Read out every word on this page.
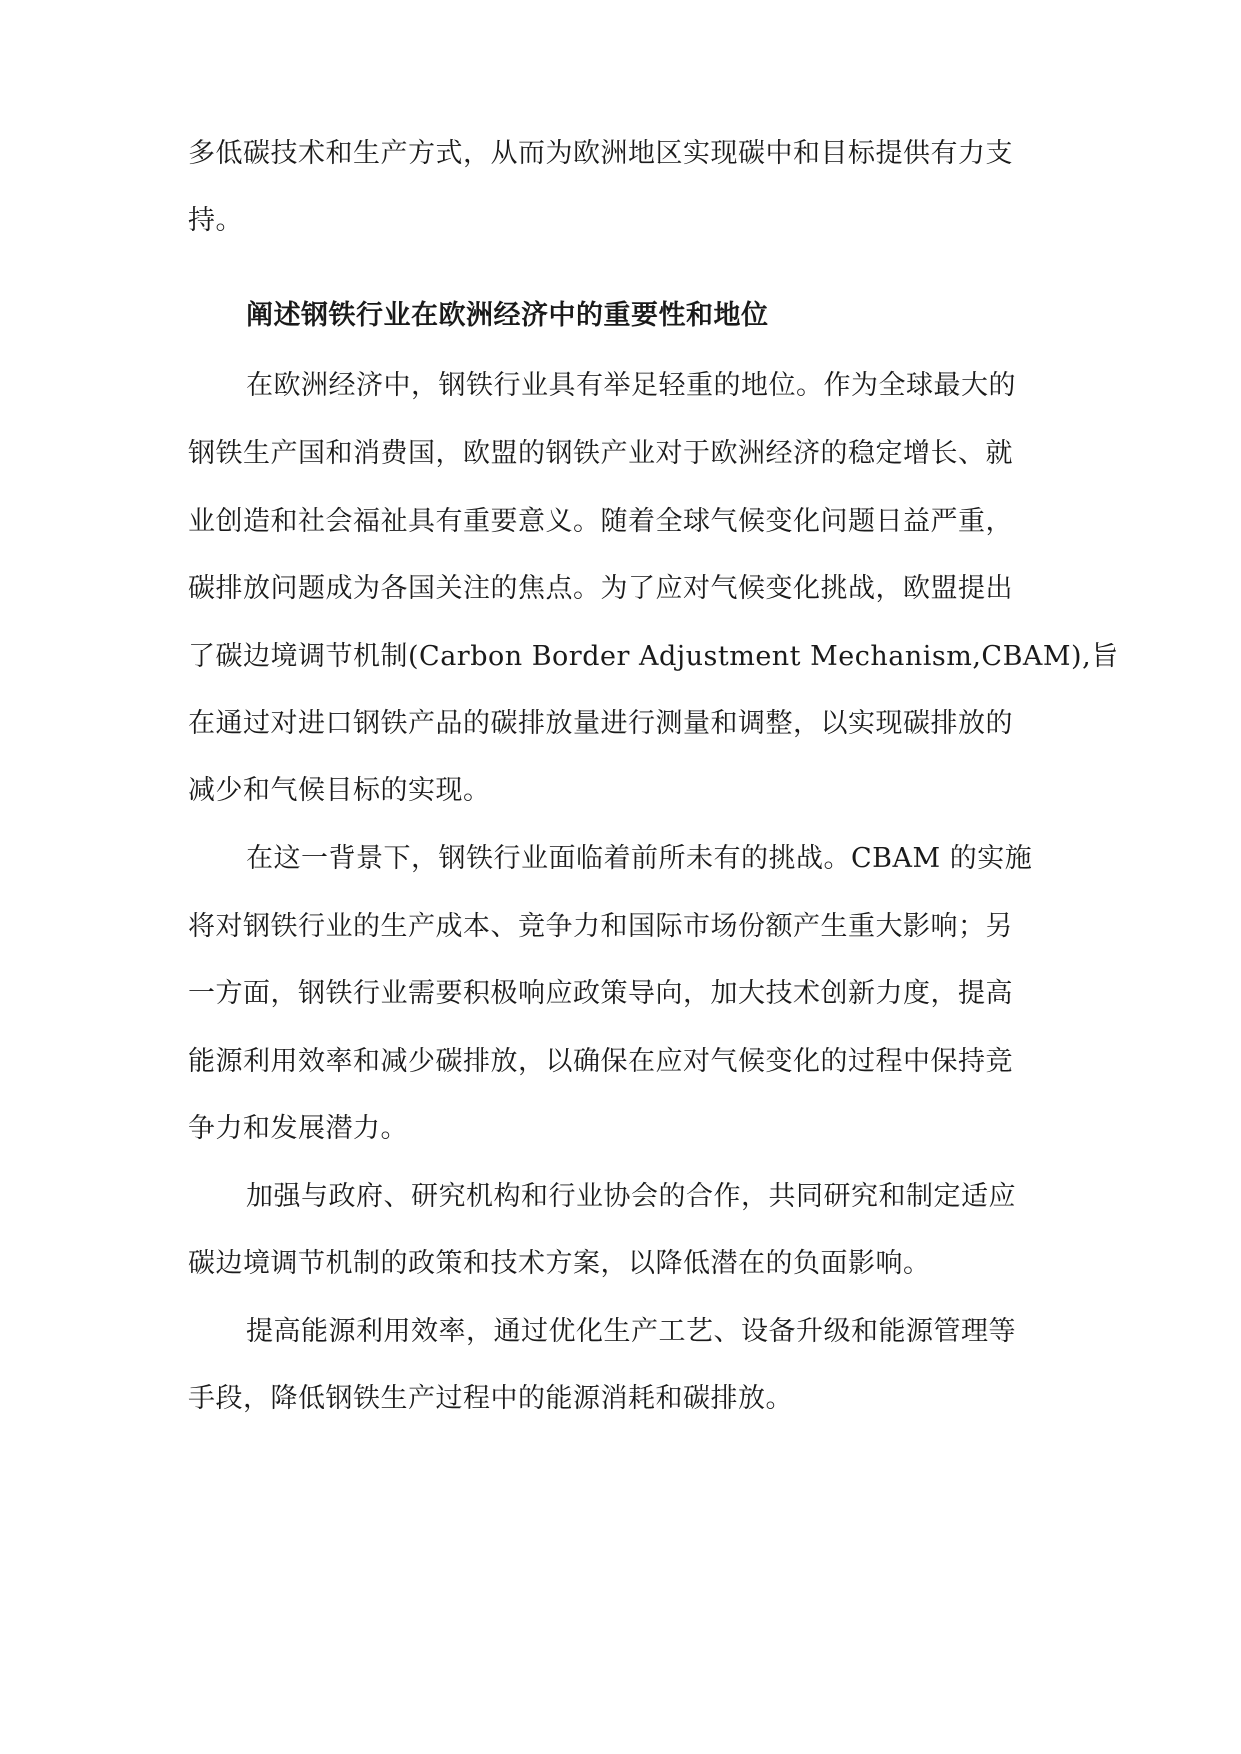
多低碳技术和生产方式，从而为欧洲地区实现碳中和目标提供有力支
持。
阐述钢铁行业在欧洲经济中的重要性和地位
在欧洲经济中，钢铁行业具有举足轻重的地位。作为全球最大的
钢铁生产国和消费国，欧盟的钢铁产业对于欧洲经济的稳定增长、就
业创造和社会福祉具有重要意义。随着全球气候变化问题日益严重，
碳排放问题成为各国关注的焦点。为了应对气候变化挑战，欧盟提出
了碳边境调节机制(Carbon Border Adjustment Mechanism,CBAM),旨
在通过对进口钢铁产品的碳排放量进行测量和调整，以实现碳排放的
减少和气候目标的实现。
在这一背景下，钢铁行业面临着前所未有的挑战。CBAM 的实施
将对钢铁行业的生产成本、竞争力和国际市场份额产生重大影响；另
一方面，钢铁行业需要积极响应政策导向，加大技术创新力度，提高
能源利用效率和减少碳排放，以确保在应对气候变化的过程中保持竞
争力和发展潜力。
加强与政府、研究机构和行业协会的合作，共同研究和制定适应
碳边境调节机制的政策和技术方案，以降低潜在的负面影响。
提高能源利用效率，通过优化生产工艺、设备升级和能源管理等
手段，降低钢铁生产过程中的能源消耗和碳排放。
